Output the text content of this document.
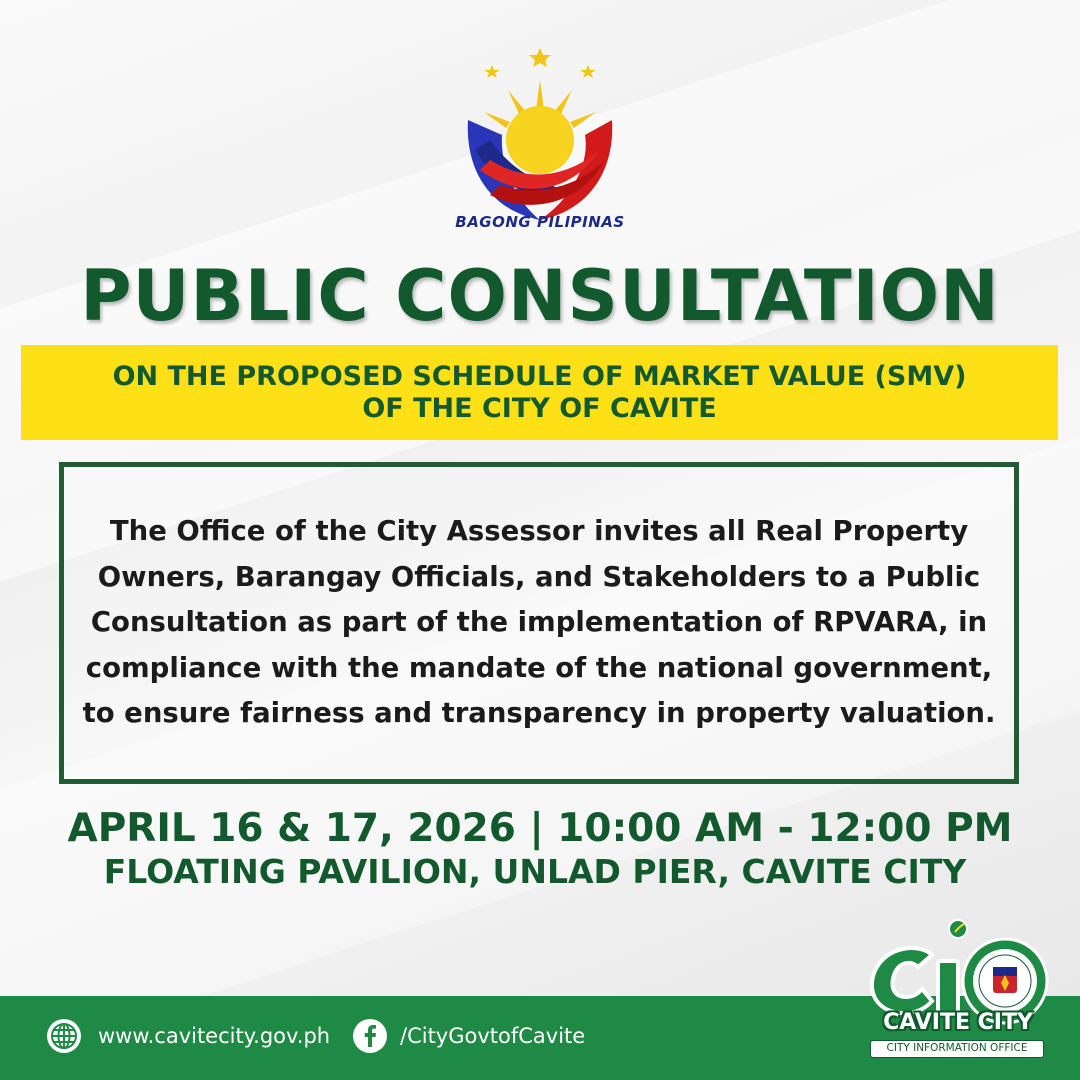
BAGONG PILIPINAS
PUBLIC CONSULTATION
ON THE PROPOSED SCHEDULE OF MARKET VALUE (SMV)
OF THE CITY OF CAVITE

The Office of the City Assessor invites all Real Property Owners, Barangay Officials, and Stakeholders to a Public Consultation as part of the implementation of RPVARA, in compliance with the mandate of the national government, to ensure fairness and transparency in property valuation.

APRIL 16 & 17, 2026 | 10:00 AM - 12:00 PM
FLOATING PAVILION, UNLAD PIER, CAVITE CITY
www.cavitecity.gov.ph	/CityGovtofCavite
CAVITE CITY
CITY INFORMATION OFFICE
